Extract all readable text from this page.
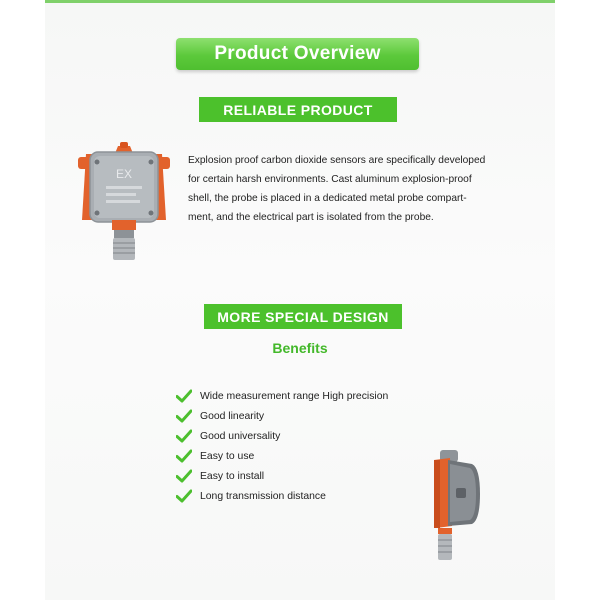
Product Overview
RELIABLE PRODUCT
EX
Explosion proof carbon dioxide sensors are specifically developed
for certain harsh environments. Cast aluminum explosion-proof
shell, the probe is placed in a dedicated metal probe compart-
ment, and the electrical part is isolated from the probe.
MORE SPECIAL DESIGN
Benefits
Wide measurement range High precision
Good linearity
Good universality
Easy to use
Easy to install
Long transmission distance
